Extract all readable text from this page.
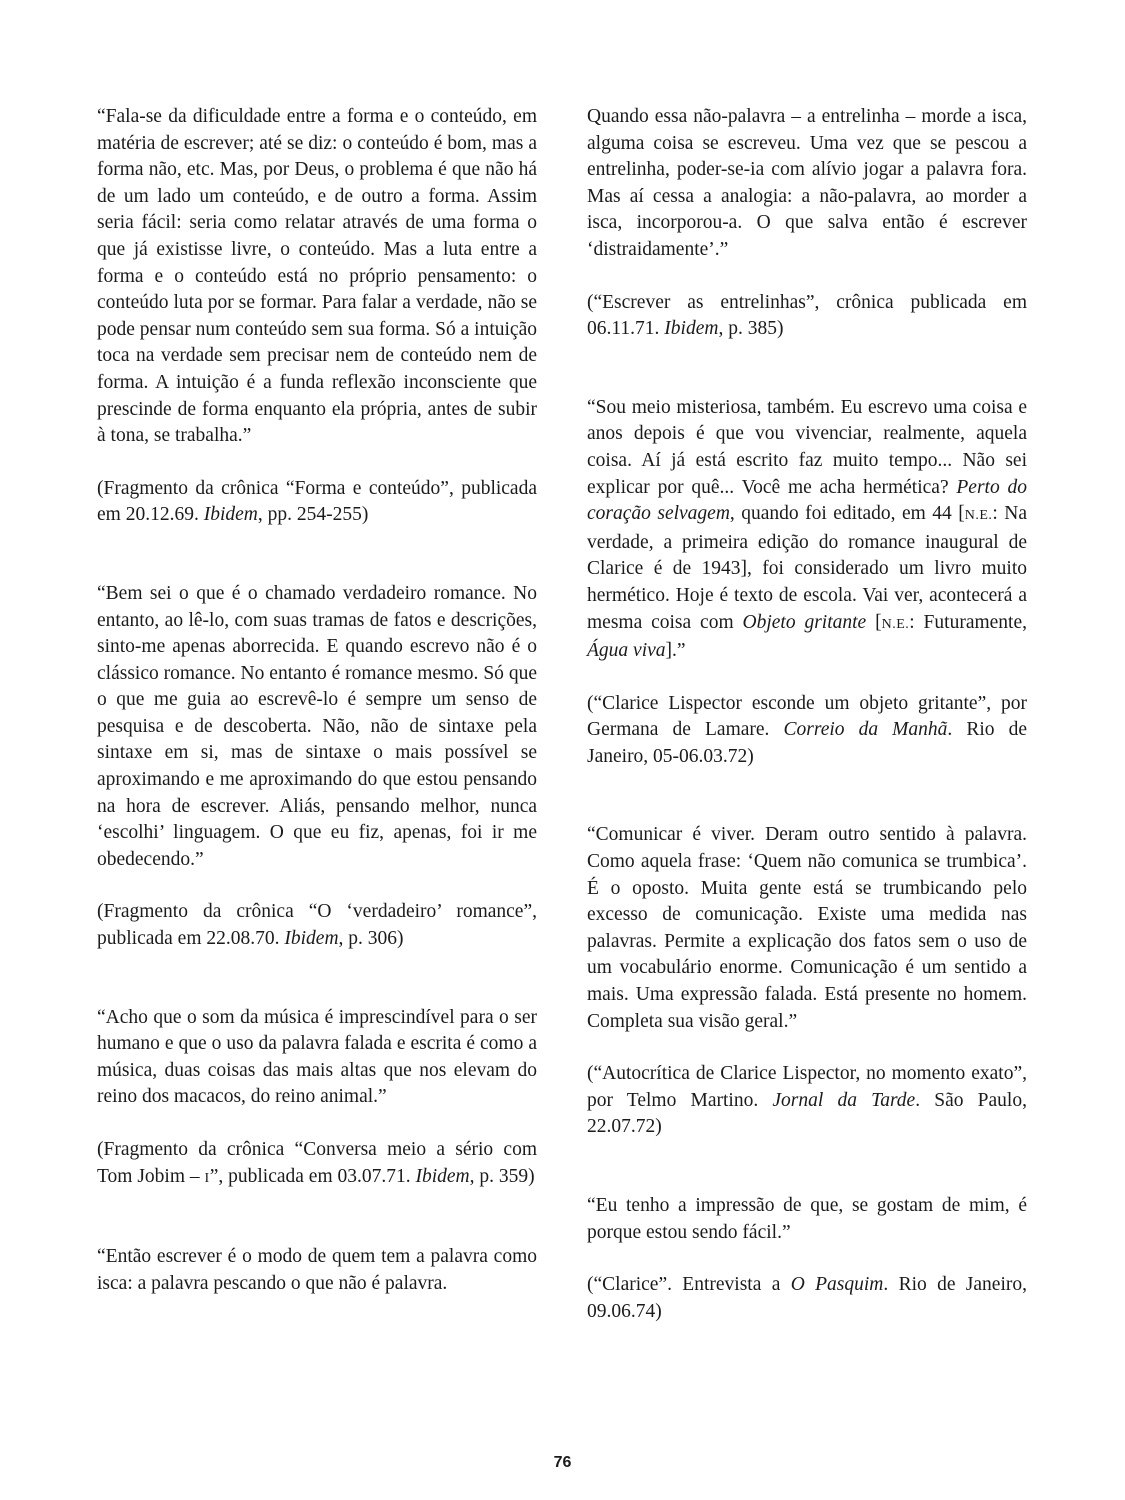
“Fala-se da dificuldade entre a forma e o conteúdo, em matéria de escrever; até se diz: o conteúdo é bom, mas a forma não, etc. Mas, por Deus, o problema é que não há de um lado um conteúdo, e de outro a forma. Assim seria fácil: seria como relatar através de uma forma o que já existisse livre, o conteúdo. Mas a luta entre a forma e o conteúdo está no próprio pensamento: o conteúdo luta por se formar. Para falar a verdade, não se pode pensar num conteúdo sem sua forma. Só a intuição toca na verdade sem precisar nem de conteúdo nem de forma. A intuição é a funda reflexão inconsciente que prescinde de forma enquanto ela própria, antes de subir à tona, se trabalha.”

(Fragmento da crônica “Forma e conteúdo”, publicada em 20.12.69. Ibidem, pp. 254-255)

“Bem sei o que é o chamado verdadeiro romance. No entanto, ao lê-lo, com suas tramas de fatos e descrições, sinto-me apenas aborrecida. E quando escrevo não é o clássico romance. No entanto é romance mesmo. Só que o que me guia ao escrevê-lo é sempre um senso de pesquisa e de descoberta. Não, não de sintaxe pela sintaxe em si, mas de sintaxe o mais possível se aproximando e me aproximando do que estou pensando na hora de escrever. Aliás, pensando melhor, nunca ‘escolhi’ linguagem. O que eu fiz, apenas, foi ir me obedecendo.”

(Fragmento da crônica “O ‘verdadeiro’ romance”, publicada em 22.08.70. Ibidem, p. 306)

“Acho que o som da música é imprescindível para o ser humano e que o uso da palavra falada e escrita é como a música, duas coisas das mais altas que nos elevam do reino dos macacos, do reino animal.”

(Fragmento da crônica “Conversa meio a sério com Tom Jobim – I”, publicada em 03.07.71. Ibidem, p. 359)

“Então escrever é o modo de quem tem a palavra como isca: a palavra pescando o que não é palavra.

Quando essa não-palavra – a entrelinha – morde a isca, alguma coisa se escreveu. Uma vez que se pescou a entrelinha, poder-se-ia com alívio jogar a palavra fora. Mas aí cessa a analogia: a não-palavra, ao morder a isca, incorporou-a. O que salva então é escrever ‘distraidamente’.”

(“Escrever as entrelinhas”, crônica publicada em 06.11.71. Ibidem, p. 385)

“Sou meio misteriosa, também. Eu escrevo uma coisa e anos depois é que vou vivenciar, realmente, aquela coisa. Aí já está escrito faz muito tempo... Não sei explicar por quê... Você me acha hermética? Perto do coração selvagem, quando foi editado, em 44 [N.E.: Na verdade, a primeira edição do romance inaugural de Clarice é de 1943], foi considerado um livro muito hermético. Hoje é texto de escola. Vai ver, acontecerá a mesma coisa com Objeto gritante [N.E.: Futuramente, Água viva].”

(“Clarice Lispector esconde um objeto gritante”, por Germana de Lamare. Correio da Manhã. Rio de Janeiro, 05-06.03.72)

“Comunicar é viver. Deram outro sentido à palavra. Como aquela frase: ‘Quem não comunica se trumbica’. É o oposto. Muita gente está se trumbicando pelo excesso de comunicação. Existe uma medida nas palavras. Permite a explicação dos fatos sem o uso de um vocabulário enorme. Comunicação é um sentido a mais. Uma expressão falada. Está presente no homem. Completa sua visão geral.”

(“Autocrítica de Clarice Lispector, no momento exato”, por Telmo Martino. Jornal da Tarde. São Paulo, 22.07.72)

“Eu tenho a impressão de que, se gostam de mim, é porque estou sendo fácil.”

(“Clarice”. Entrevista a O Pasquim. Rio de Janeiro, 09.06.74)

76
